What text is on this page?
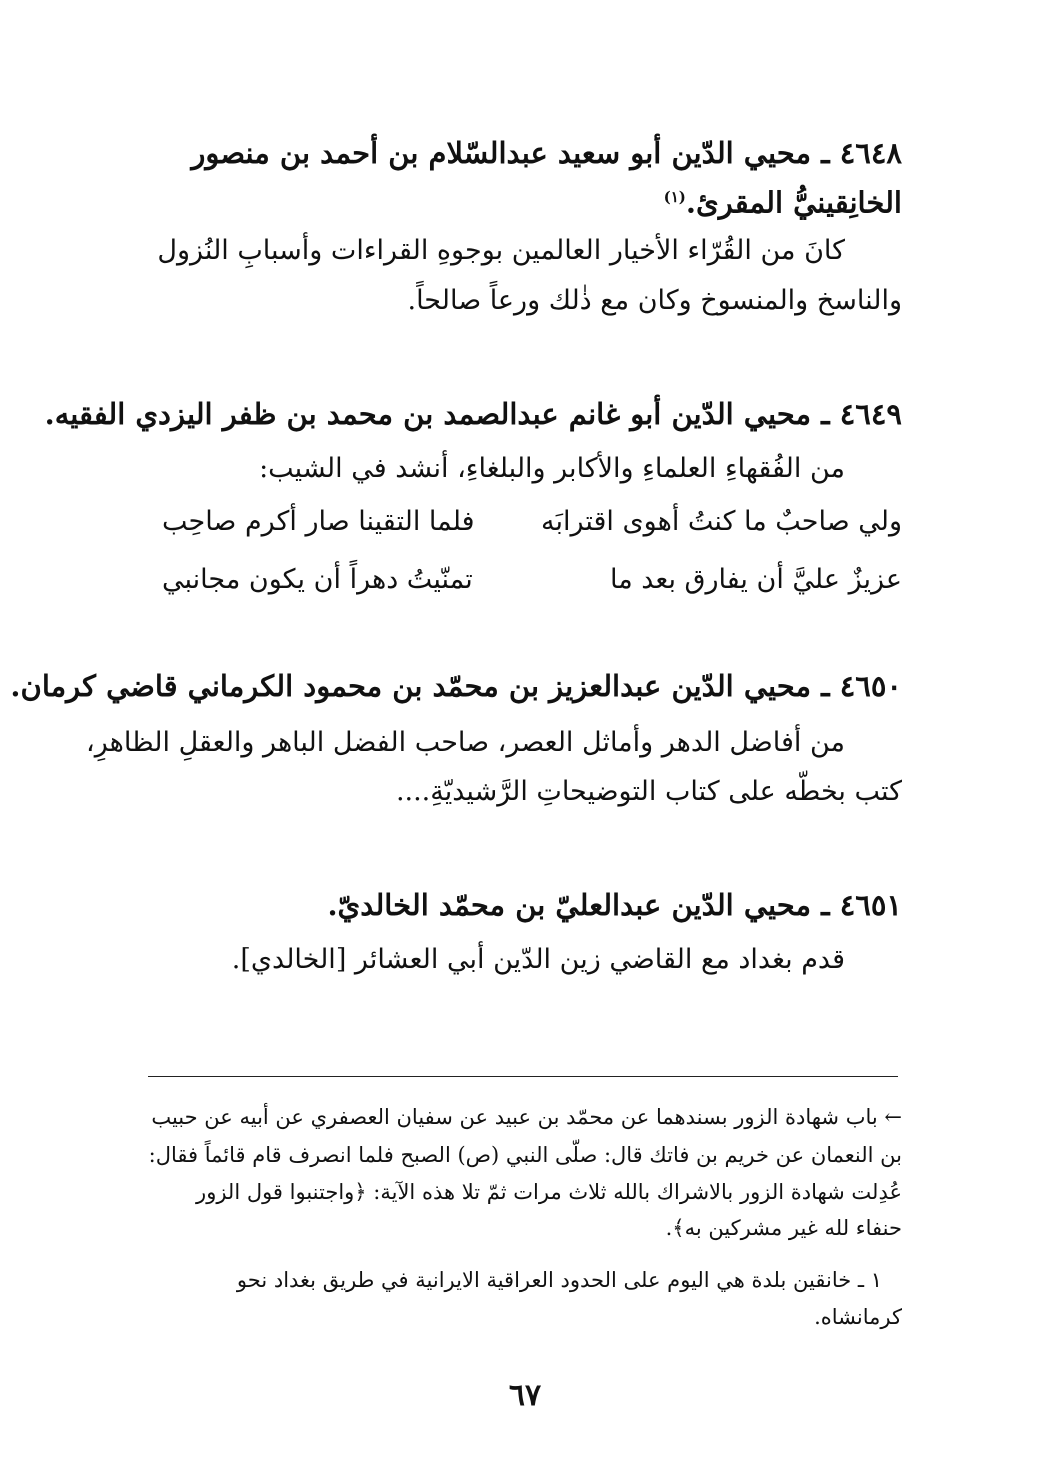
٤٦٤٨ ـ محيي الدّين أبو سعيد عبدالسّلام بن أحمد بن منصور الخانِقينيُّ المقرئ.$^{(١)}$
كانَ من القُرّاء الأخيار العالمين بوجوهِ القراءات وأسبابِ النُزول
والناسخ والمنسوخ وكان مع ذٰلك ورعاً صالحاً.
٤٦٤٩ ـ محيي الدّين أبو غانم عبدالصمد بن محمد بن ظفر اليزدي الفقيه.
من الفُقهاءِ العلماءِ والأكابر والبلغاءِ، أنشد في الشيب:
ولي صاحبٌ ما كنتُ أهوى اقترابَه
فلما التقينا صار أكرم صاحِب
عزيزٌ عليَّ أن يفارق بعد ما
تمنّيتُ دهراً أن يكون مجانبي
٤٦٥٠ ـ محيي الدّين عبدالعزيز بن محمّد بن محمود الكرماني قاضي كرمان.
من أفاضل الدهر وأماثل العصر، صاحب الفضل الباهر والعقلِ الظاهرِ،
كتب بخطّه على كتاب التوضيحاتِ الرَّشيديّةِ....
٤٦٥١ ـ محيي الدّين عبدالعليّ بن محمّد الخالديّ.
قدم بغداد مع القاضي زين الدّين أبي العشائر [الخالدي].
← باب شهادة الزور بسندهما عن محمّد بن عبيد عن سفيان العصفري عن أبيه عن حبيب
بن النعمان عن خريم بن فاتك قال: صلّى النبي (ص) الصبح فلما انصرف قام قائماً فقال:
عُدِلت شهادة الزور بالاشراك بالله ثلاث مرات ثمّ تلا هذه الآية: ﴿واجتنبوا قول الزور
حنفاء لله غير مشركين به﴾.
١ ـ خانقين بلدة هي اليوم على الحدود العراقية الايرانية في طريق بغداد نحو
كرمانشاه.
٦٧
